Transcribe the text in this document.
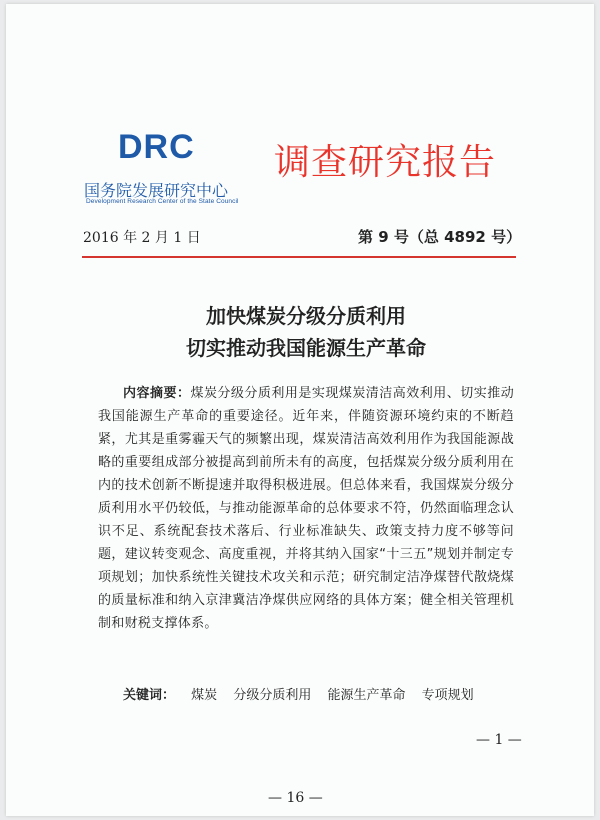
DRC
国务院发展研究中心
Development Research Center of the State Council
调查研究报告
2016 年 2 月 1 日	第 9 号（总 4892 号）
加快煤炭分级分质利用
切实推动我国能源生产革命
内容摘要：煤炭分级分质利用是实现煤炭清洁高效利用、切实推动我国能源生产革命的重要途径。近年来，伴随资源环境约束的不断趋紧，尤其是重雾霾天气的频繁出现，煤炭清洁高效利用作为我国能源战略的重要组成部分被提高到前所未有的高度，包括煤炭分级分质利用在内的技术创新不断提速并取得积极进展。但总体来看，我国煤炭分级分质利用水平仍较低，与推动能源革命的总体要求不符，仍然面临理念认识不足、系统配套技术落后、行业标准缺失、政策支持力度不够等问题，建议转变观念、高度重视，并将其纳入国家“十三五”规划并制定专项规划；加快系统性关键技术攻关和示范；研究制定洁净煤替代散烧煤的质量标准和纳入京津冀洁净煤供应网络的具体方案；健全相关管理机制和财税支撑体系。
关键词： 煤炭 分级分质利用 能源生产革命 专项规划
— 1 —
— 16 —
